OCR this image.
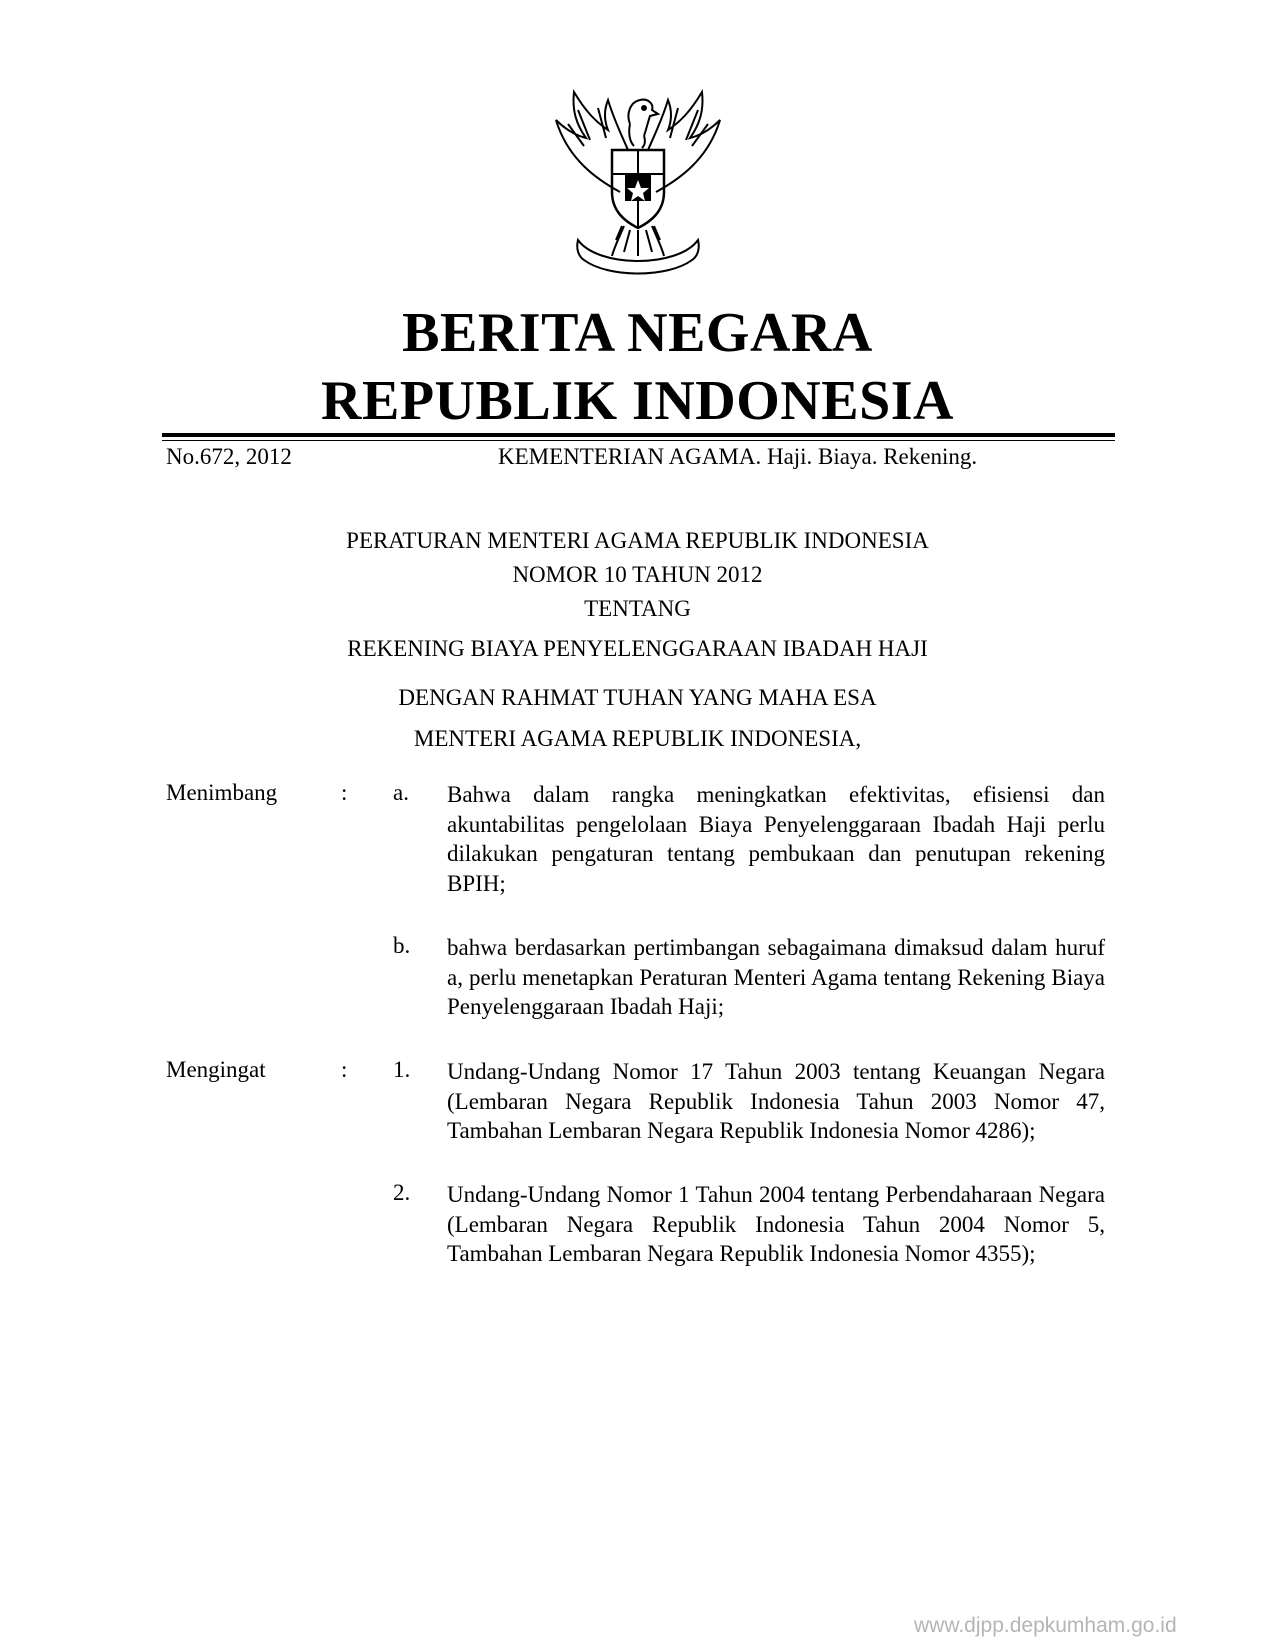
BERITA NEGARA
REPUBLIK INDONESIA
No.672, 2012	KEMENTERIAN AGAMA. Haji. Biaya. Rekening.
PERATURAN MENTERI AGAMA REPUBLIK INDONESIA
NOMOR 10 TAHUN 2012
TENTANG
REKENING BIAYA PENYELENGGARAAN IBADAH HAJI
DENGAN RAHMAT TUHAN YANG MAHA ESA
MENTERI AGAMA REPUBLIK INDONESIA,
Menimbang	: a. Bahwa dalam rangka meningkatkan efektivitas, efisiensi dan akuntabilitas pengelolaan Biaya Penyelenggaraan Ibadah Haji perlu dilakukan pengaturan tentang pembukaan dan penutupan rekening BPIH;
b. bahwa berdasarkan pertimbangan sebagaimana dimaksud dalam huruf a, perlu menetapkan Peraturan Menteri Agama tentang Rekening Biaya Penyelenggaraan Ibadah Haji;
Mengingat	: 1. Undang-Undang Nomor 17 Tahun 2003 tentang Keuangan Negara (Lembaran Negara Republik Indonesia Tahun 2003 Nomor 47, Tambahan Lembaran Negara Republik Indonesia Nomor 4286);
2. Undang-Undang Nomor 1 Tahun 2004 tentang Perbendaharaan Negara (Lembaran Negara Republik Indonesia Tahun 2004 Nomor 5, Tambahan Lembaran Negara Republik Indonesia Nomor 4355);
www.djpp.depkumham.go.id
